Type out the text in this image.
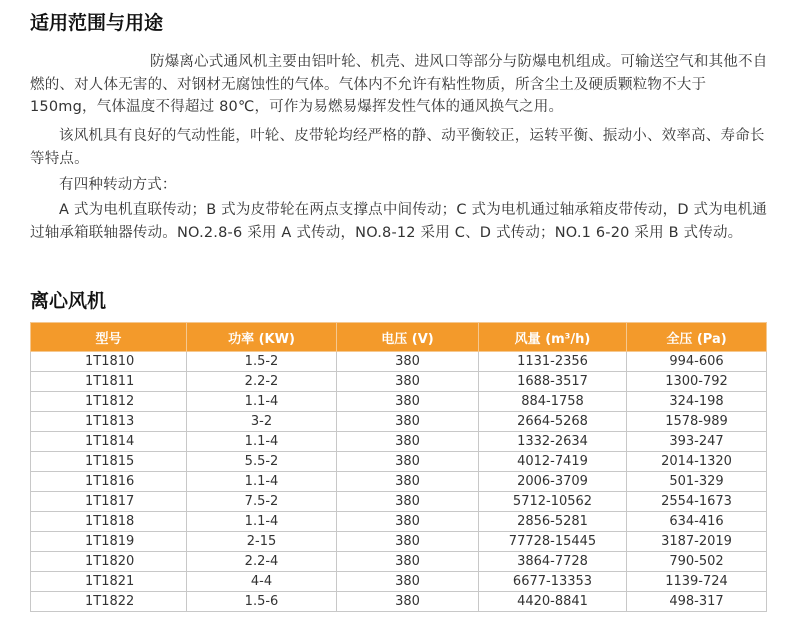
适用范围与用途

防爆离心式通风机主要由铝叶轮、机壳、进风口等部分与防爆电机组成。可输送空气和其他不自燃的、对人体无害的、对钢材无腐蚀性的气体。气体内不允许有粘性物质，所含尘土及硬质颗粒物不大于 150mg，气体温度不得超过 80℃，可作为易燃易爆挥发性气体的通风换气之用。

该风机具有良好的气动性能，叶轮、皮带轮均经严格的静、动平衡较正，运转平衡、振动小、效率高、寿命长等特点。

有四种转动方式：

A 式为电机直联传动；B 式为皮带轮在两点支撑点中间传动；C 式为电机通过轴承箱皮带传动，D 式为电机通过轴承箱联轴器传动。NO.2.8-6 采用 A 式传动，NO.8-12 采用 C、D 式传动；NO.1 6-20 采用 B 式传动。

离心风机
型号	功率 (KW)	电压 (V)	风量 (m³/h)	全压 (Pa)
1T1810	1.5-2	380	1131-2356	994-606
1T1811	2.2-2	380	1688-3517	1300-792
1T1812	1.1-4	380	884-1758	324-198
1T1813	3-2	380	2664-5268	1578-989
1T1814	1.1-4	380	1332-2634	393-247
1T1815	5.5-2	380	4012-7419	2014-1320
1T1816	1.1-4	380	2006-3709	501-329
1T1817	7.5-2	380	5712-10562	2554-1673
1T1818	1.1-4	380	2856-5281	634-416
1T1819	2-15	380	77728-15445	3187-2019
1T1820	2.2-4	380	3864-7728	790-502
1T1821	4-4	380	6677-13353	1139-724
1T1822	1.5-6	380	4420-8841	498-317
